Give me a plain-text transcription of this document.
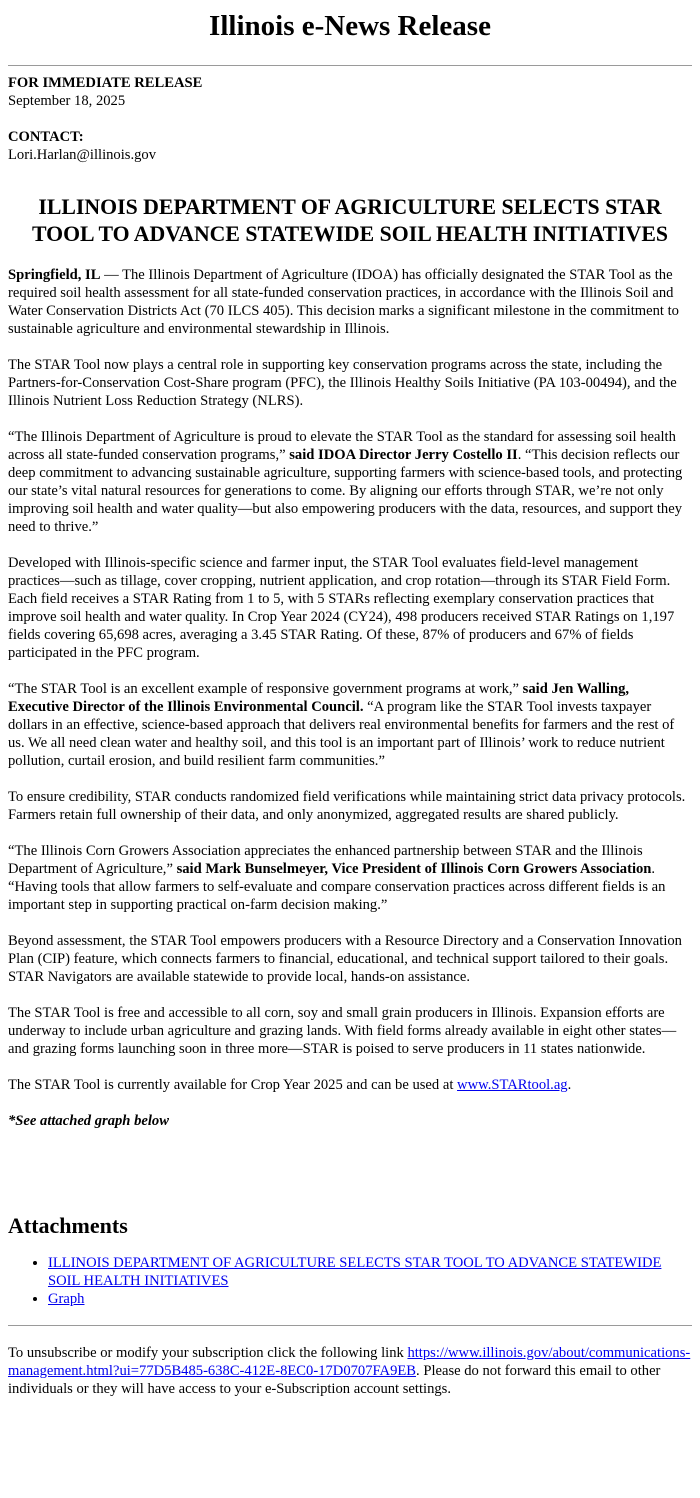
Illinois e-News Release
FOR IMMEDIATE RELEASE
September 18, 2025
CONTACT:
Lori.Harlan@illinois.gov
ILLINOIS DEPARTMENT OF AGRICULTURE SELECTS STAR TOOL TO ADVANCE STATEWIDE SOIL HEALTH INITIATIVES

Springfield, IL — The Illinois Department of Agriculture (IDOA) has officially designated the STAR Tool as the required soil health assessment for all state-funded conservation practices, in accordance with the Illinois Soil and Water Conservation Districts Act (70 ILCS 405). This decision marks a significant milestone in the commitment to sustainable agriculture and environmental stewardship in Illinois.

The STAR Tool now plays a central role in supporting key conservation programs across the state, including the Partners-for-Conservation Cost-Share program (PFC), the Illinois Healthy Soils Initiative (PA 103-00494), and the Illinois Nutrient Loss Reduction Strategy (NLRS).

“The Illinois Department of Agriculture is proud to elevate the STAR Tool as the standard for assessing soil health across all state-funded conservation programs,” said IDOA Director Jerry Costello II. “This decision reflects our deep commitment to advancing sustainable agriculture, supporting farmers with science-based tools, and protecting our state’s vital natural resources for generations to come. By aligning our efforts through STAR, we’re not only improving soil health and water quality—but also empowering producers with the data, resources, and support they need to thrive.”

Developed with Illinois-specific science and farmer input, the STAR Tool evaluates field-level management practices—such as tillage, cover cropping, nutrient application, and crop rotation—through its STAR Field Form. Each field receives a STAR Rating from 1 to 5, with 5 STARs reflecting exemplary conservation practices that improve soil health and water quality. In Crop Year 2024 (CY24), 498 producers received STAR Ratings on 1,197 fields covering 65,698 acres, averaging a 3.45 STAR Rating. Of these, 87% of producers and 67% of fields participated in the PFC program.

“The STAR Tool is an excellent example of responsive government programs at work,” said Jen Walling, Executive Director of the Illinois Environmental Council. “A program like the STAR Tool invests taxpayer dollars in an effective, science-based approach that delivers real environmental benefits for farmers and the rest of us. We all need clean water and healthy soil, and this tool is an important part of Illinois’ work to reduce nutrient pollution, curtail erosion, and build resilient farm communities.”

To ensure credibility, STAR conducts randomized field verifications while maintaining strict data privacy protocols. Farmers retain full ownership of their data, and only anonymized, aggregated results are shared publicly.

“The Illinois Corn Growers Association appreciates the enhanced partnership between STAR and the Illinois Department of Agriculture,” said Mark Bunselmeyer, Vice President of Illinois Corn Growers Association. “Having tools that allow farmers to self-evaluate and compare conservation practices across different fields is an important step in supporting practical on-farm decision making.”

Beyond assessment, the STAR Tool empowers producers with a Resource Directory and a Conservation Innovation Plan (CIP) feature, which connects farmers to financial, educational, and technical support tailored to their goals. STAR Navigators are available statewide to provide local, hands-on assistance.

The STAR Tool is free and accessible to all corn, soy and small grain producers in Illinois. Expansion efforts are underway to include urban agriculture and grazing lands. With field forms already available in eight other states—and grazing forms launching soon in three more—STAR is poised to serve producers in 11 states nationwide.

The STAR Tool is currently available for Crop Year 2025 and can be used at www.STARtool.ag.

*See attached graph below

Attachments
• ILLINOIS DEPARTMENT OF AGRICULTURE SELECTS STAR TOOL TO ADVANCE STATEWIDE SOIL HEALTH INITIATIVES
• Graph

To unsubscribe or modify your subscription click the following link https://www.illinois.gov/about/communications-management.html?ui=77D5B485-638C-412E-8EC0-17D0707FA9EB. Please do not forward this email to other individuals or they will have access to your e-Subscription account settings.
